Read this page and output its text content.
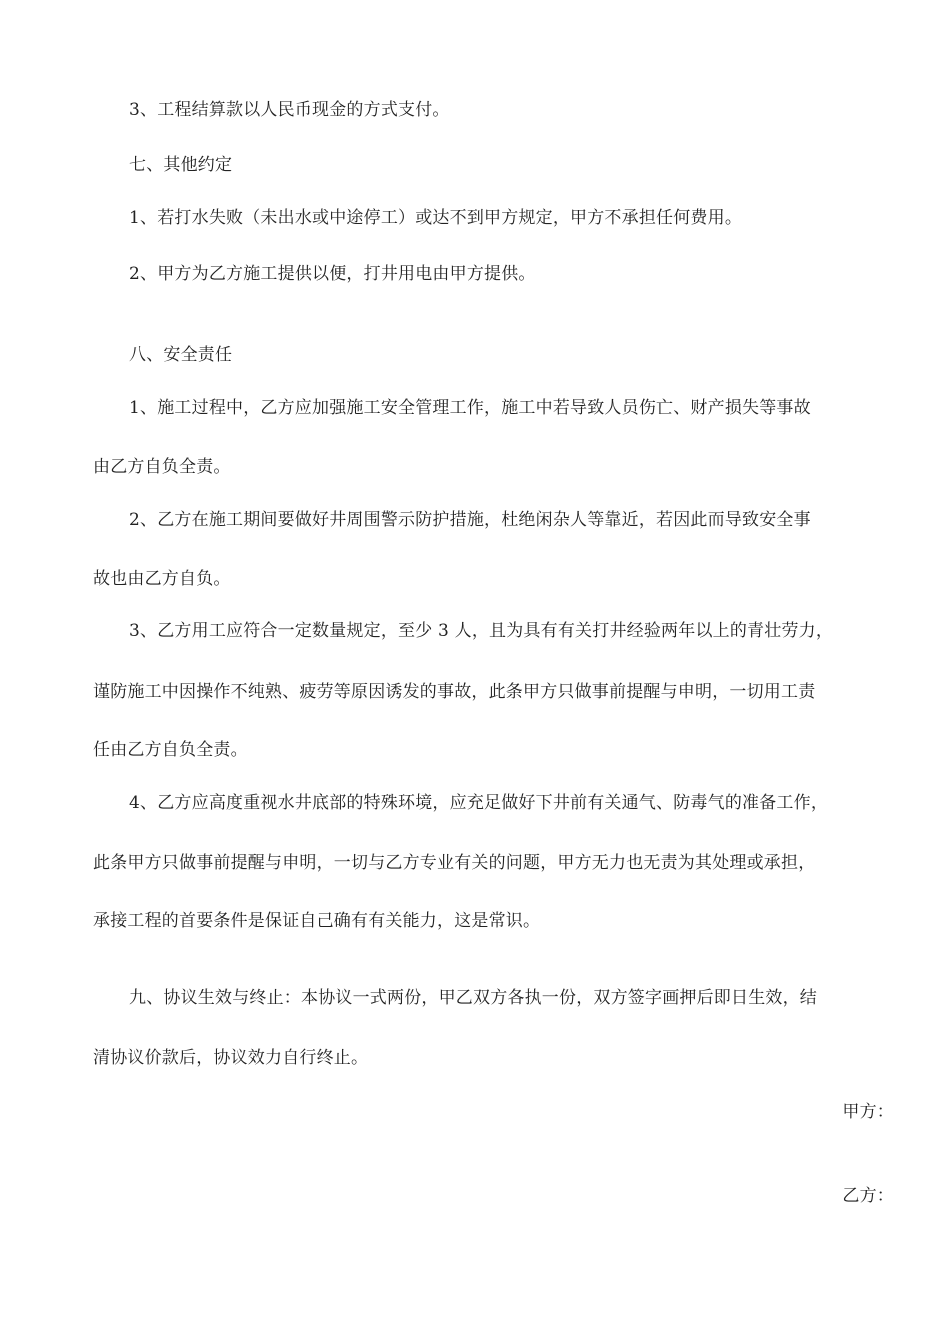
3、工程结算款以人民币现金的方式支付。
七、其他约定
1、若打水失败（未出水或中途停工）或达不到甲方规定，甲方不承担任何费用。
2、甲方为乙方施工提供以便，打井用电由甲方提供。
八、安全责任
1、施工过程中，乙方应加强施工安全管理工作，施工中若导致人员伤亡、财产损失等事故
由乙方自负全责。
2、乙方在施工期间要做好井周围警示防护措施，杜绝闲杂人等靠近，若因此而导致安全事
故也由乙方自负。
3、乙方用工应符合一定数量规定，至少 3 人，且为具有有关打井经验两年以上的青壮劳力，
谨防施工中因操作不纯熟、疲劳等原因诱发的事故，此条甲方只做事前提醒与申明，一切用工责
任由乙方自负全责。
4、乙方应高度重视水井底部的特殊环境，应充足做好下井前有关通气、防毒气的准备工作，
此条甲方只做事前提醒与申明，一切与乙方专业有关的问题，甲方无力也无责为其处理或承担，
承接工程的首要条件是保证自己确有有关能力，这是常识。
九、协议生效与终止：本协议一式两份，甲乙双方各执一份，双方签字画押后即日生效，结
清协议价款后，协议效力自行终止。
甲方：
乙方：
